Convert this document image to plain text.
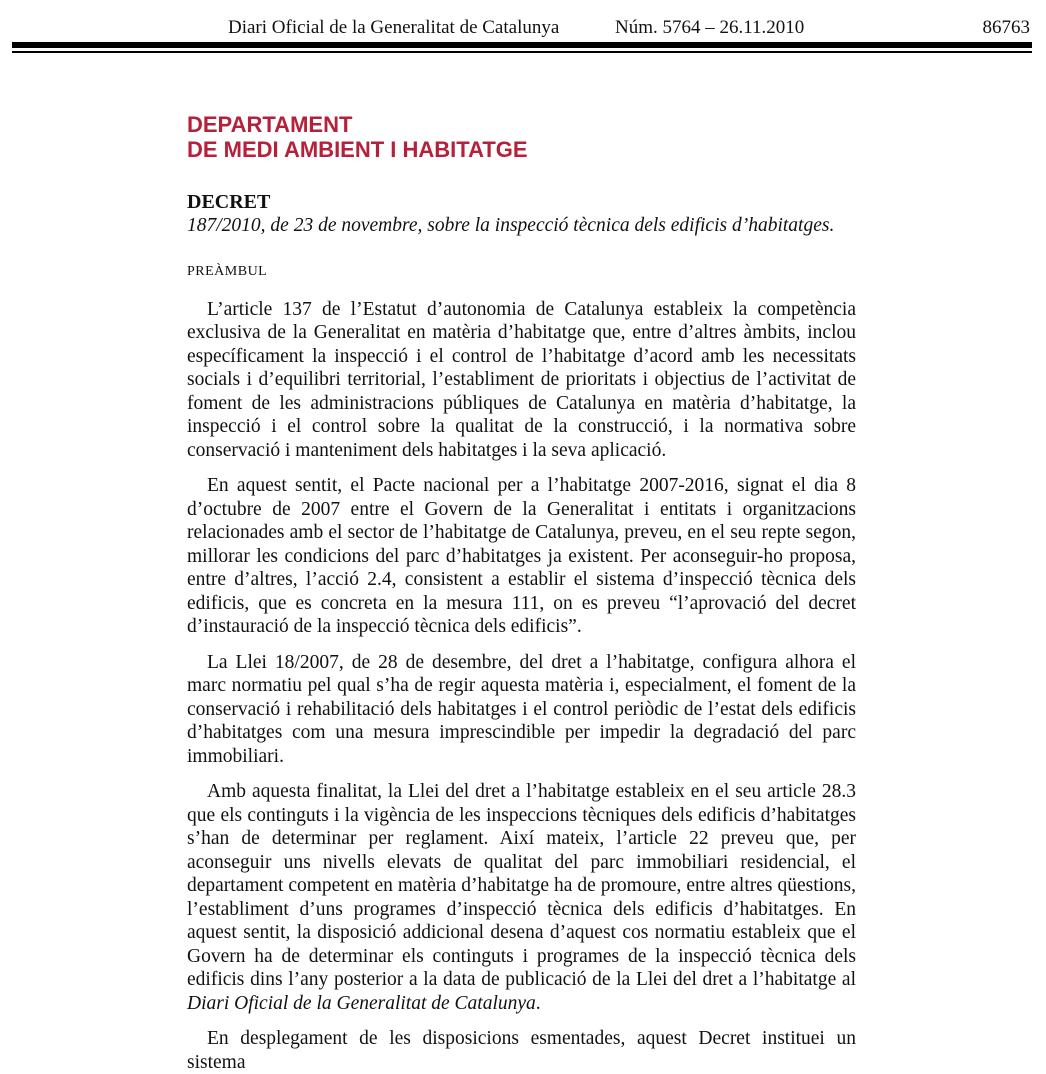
Diari Oficial de la Generalitat de Catalunya	Núm. 5764 – 26.11.2010	86763
DEPARTAMENT
DE MEDI AMBIENT I HABITATGE
DECRET
187/2010, de 23 de novembre, sobre la inspecció tècnica dels edificis d’habitatges.
PREÀMBUL

L’article 137 de l’Estatut d’autonomia de Catalunya estableix la competència exclusiva de la Generalitat en matèria d’habitatge que, entre d’altres àmbits, inclou específicament la inspecció i el control de l’habitatge d’acord amb les necessitats socials i d’equilibri territorial, l’establiment de prioritats i objectius de l’activitat de foment de les administracions públiques de Catalunya en matèria d’habitatge, la inspecció i el control sobre la qualitat de la construcció, i la normativa sobre conservació i manteniment dels habitatges i la seva aplicació.

En aquest sentit, el Pacte nacional per a l’habitatge 2007-2016, signat el dia 8 d’octubre de 2007 entre el Govern de la Generalitat i entitats i organitzacions relacionades amb el sector de l’habitatge de Catalunya, preveu, en el seu repte segon, millorar les condicions del parc d’habitatges ja existent. Per aconseguir-ho proposa, entre d’altres, l’acció 2.4, consistent a establir el sistema d’inspecció tècnica dels edificis, que es concreta en la mesura 111, on es preveu “l’aprovació del decret d’instauració de la inspecció tècnica dels edificis”.

La Llei 18/2007, de 28 de desembre, del dret a l’habitatge, configura alhora el marc normatiu pel qual s’ha de regir aquesta matèria i, especialment, el foment de la conservació i rehabilitació dels habitatges i el control periòdic de l’estat dels edificis d’habitatges com una mesura imprescindible per impedir la degradació del parc immobiliari.

Amb aquesta finalitat, la Llei del dret a l’habitatge estableix en el seu article 28.3 que els continguts i la vigència de les inspeccions tècniques dels edificis d’habitatges s’han de determinar per reglament. Així mateix, l’article 22 preveu que, per aconseguir uns nivells elevats de qualitat del parc immobiliari residencial, el departament competent en matèria d’habitatge ha de promoure, entre altres qüestions, l’establiment d’uns programes d’inspecció tècnica dels edificis d’habitatges. En aquest sentit, la disposició addicional desena d’aquest cos normatiu estableix que el Govern ha de determinar els continguts i programes de la inspecció tècnica dels edificis dins l’any posterior a la data de publicació de la Llei del dret a l’habitatge al Diari Oficial de la Generalitat de Catalunya.

En desplegament de les disposicions esmentades, aquest Decret instituei un sistema
